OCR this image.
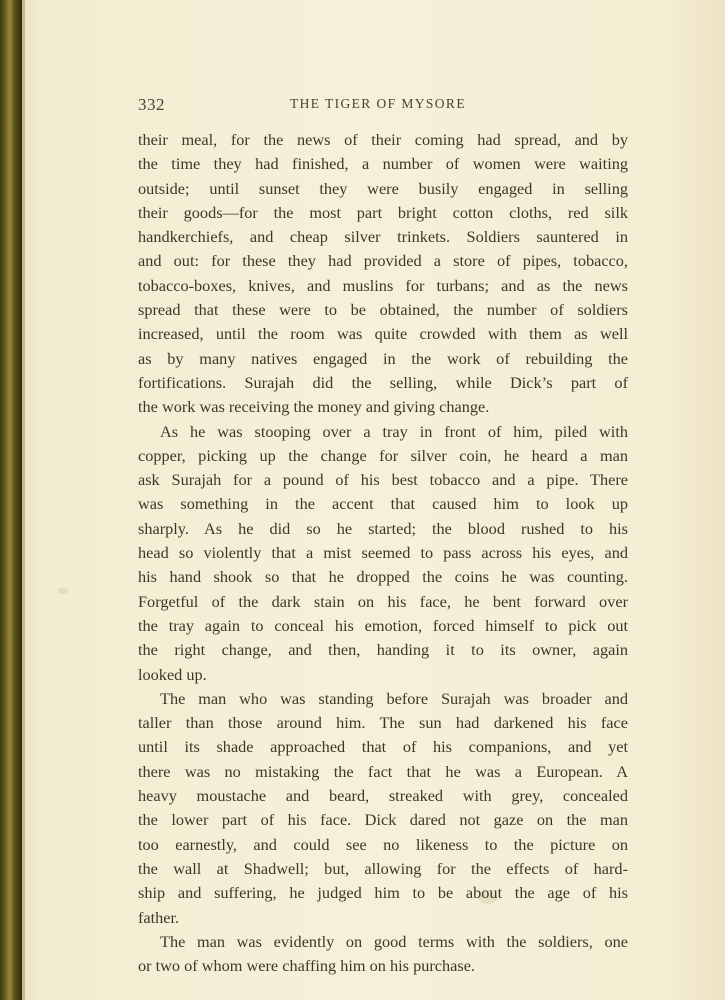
332	THE TIGER OF MYSORE
their meal, for the news of their coming had spread, and by
the time they had finished, a number of women were waiting
outside; until sunset they were busily engaged in selling
their goods—for the most part bright cotton cloths, red silk
handkerchiefs, and cheap silver trinkets. Soldiers sauntered in
and out: for these they had provided a store of pipes, tobacco,
tobacco-boxes, knives, and muslins for turbans; and as the news
spread that these were to be obtained, the number of soldiers
increased, until the room was quite crowded with them as well
as by many natives engaged in the work of rebuilding the
fortifications. Surajah did the selling, while Dick’s part of
the work was receiving the money and giving change.
As he was stooping over a tray in front of him, piled with
copper, picking up the change for silver coin, he heard a man
ask Surajah for a pound of his best tobacco and a pipe. There
was something in the accent that caused him to look up
sharply. As he did so he started; the blood rushed to his
head so violently that a mist seemed to pass across his eyes, and
his hand shook so that he dropped the coins he was counting.
Forgetful of the dark stain on his face, he bent forward over
the tray again to conceal his emotion, forced himself to pick out
the right change, and then, handing it to its owner, again
looked up.
The man who was standing before Surajah was broader and
taller than those around him. The sun had darkened his face
until its shade approached that of his companions, and yet
there was no mistaking the fact that he was a European. A
heavy moustache and beard, streaked with grey, concealed
the lower part of his face. Dick dared not gaze on the man
too earnestly, and could see no likeness to the picture on
the wall at Shadwell; but, allowing for the effects of hard-
ship and suffering, he judged him to be about the age of his
father.
The man was evidently on good terms with the soldiers, one
or two of whom were chaffing him on his purchase.
